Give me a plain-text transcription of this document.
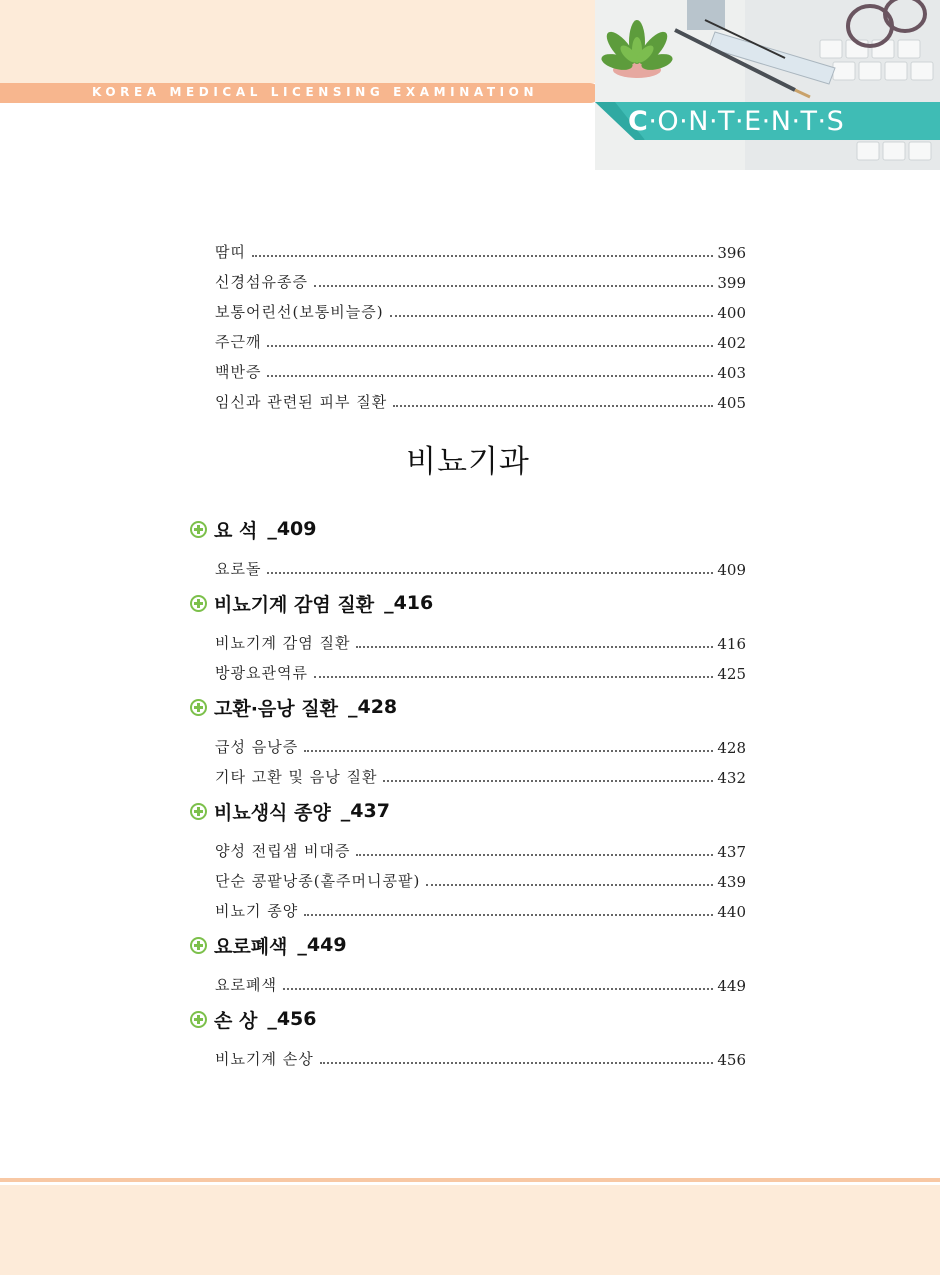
KOREA MEDICAL LICENSING EXAMINATION
C·O·N·T·E·N·T·S
땀띠	396
신경섬유종증	399
보통어린선(보통비늘증)	400
주근깨	402
백반증	403
임신과 관련된 피부 질환	405
비뇨기과
요 석 _409
요로돌	409
비뇨기계 감염 질환 _416
비뇨기계 감염 질환	416
방광요관역류	425
고환·음낭 질환 _428
급성 음낭증	428
기타 고환 및 음낭 질환	432
비뇨생식 종양 _437
양성 전립샘 비대증	437
단순 콩팥낭종(홑주머니콩팥)	439
비뇨기 종양	440
요로폐색 _449
요로폐색	449
손 상 _456
비뇨기계 손상	456
